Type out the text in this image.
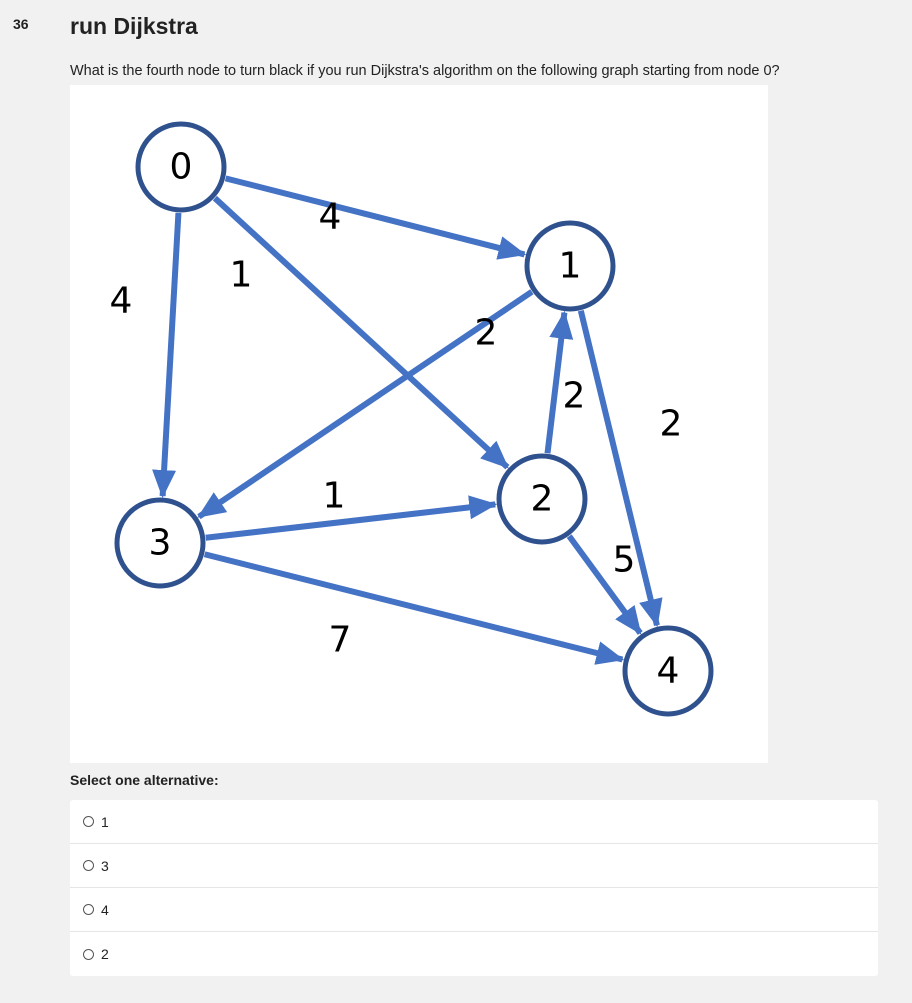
36 run Dijkstra
What is the fourth node to turn black if you run Dijkstra's algorithm on the following graph starting from node 0?
4
1
4
2
2
2
1
5
7
0
1
2
3
4
Select one alternative:
1
3
4
2
